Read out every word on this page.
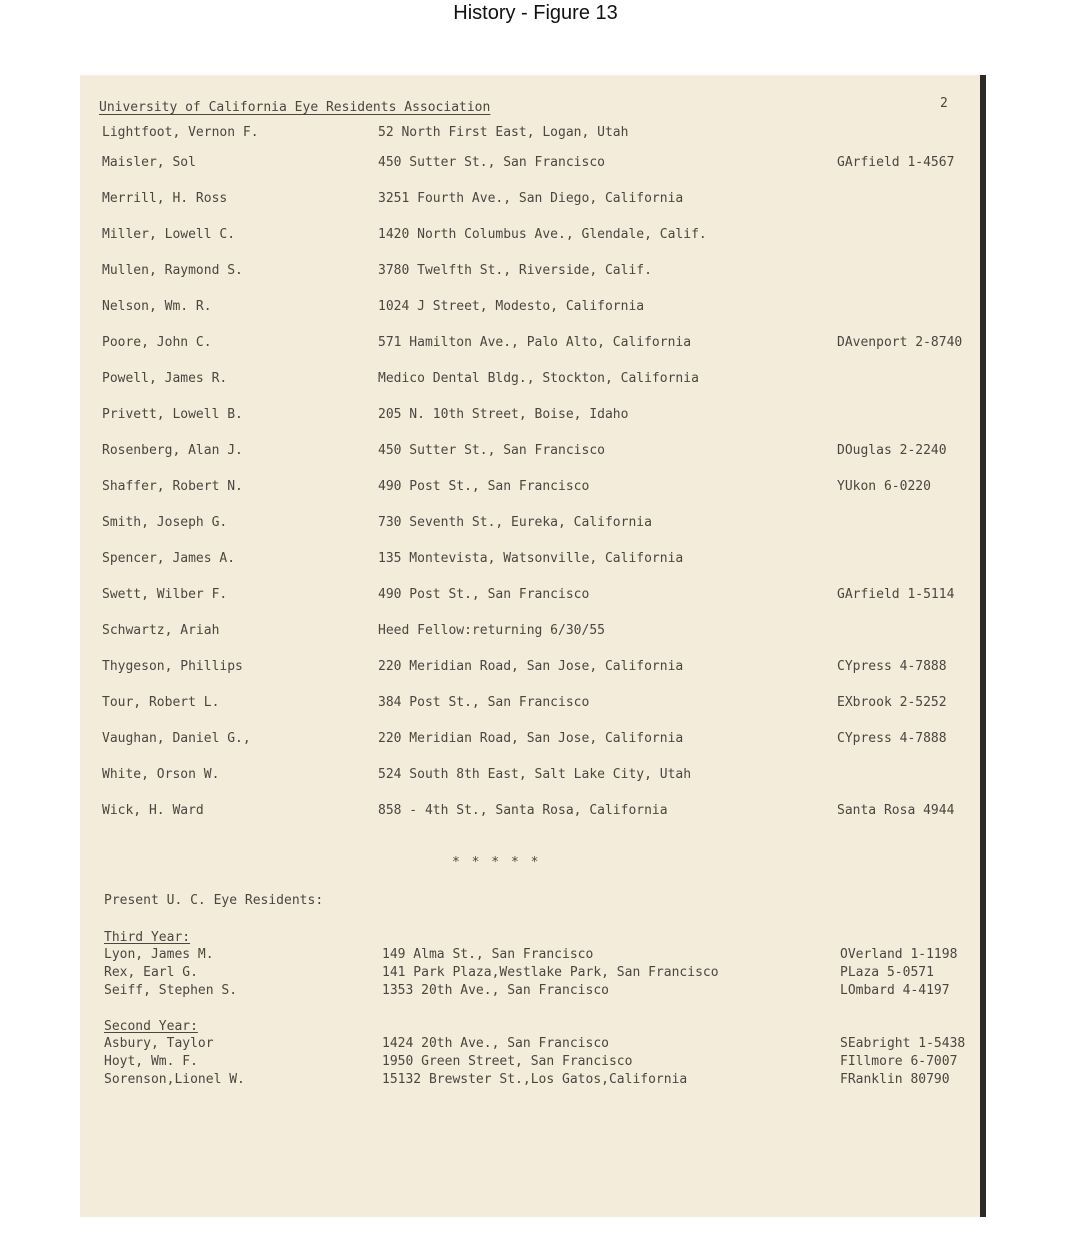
History - Figure 13
University of California Eye Residents Association	2
Lightfoot, Vernon F.	52 North First East, Logan, Utah
Maisler, Sol	450 Sutter St., San Francisco	GArfield 1-4567
Merrill, H. Ross	3251 Fourth Ave., San Diego, California
Miller, Lowell C.	1420 North Columbus Ave., Glendale, Calif.
Mullen, Raymond S.	3780 Twelfth St., Riverside, Calif.
Nelson, Wm. R.	1024 J Street, Modesto, California
Poore, John C.	571 Hamilton Ave., Palo Alto, California	DAvenport 2-8740
Powell, James R.	Medico Dental Bldg., Stockton, California
Privett, Lowell B.	205 N. 10th Street, Boise, Idaho
Rosenberg, Alan J.	450 Sutter St., San Francisco	DOuglas 2-2240
Shaffer, Robert N.	490 Post St., San Francisco	YUkon 6-0220
Smith, Joseph G.	730 Seventh St., Eureka, California
Spencer, James A.	135 Montevista, Watsonville, California
Swett, Wilber F.	490 Post St., San Francisco	GArfield 1-5114
Schwartz, Ariah	Heed Fellow:returning 6/30/55
Thygeson, Phillips	220 Meridian Road, San Jose, California	CYpress 4-7888
Tour, Robert L.	384 Post St., San Francisco	EXbrook 2-5252
Vaughan, Daniel G.,	220 Meridian Road, San Jose, California	CYpress 4-7888
White, Orson W.	524 South 8th East, Salt Lake City, Utah
Wick, H. Ward	858 - 4th St., Santa Rosa, California	Santa Rosa 4944
* * * * *
Present U. C. Eye Residents:
Third Year:
Lyon, James M.	149 Alma St., San Francisco	OVerland 1-1198
Rex, Earl G.	141 Park Plaza,Westlake Park, San Francisco	PLaza 5-0571
Seiff, Stephen S.	1353 20th Ave., San Francisco	LOmbard 4-4197
Second Year:
Asbury, Taylor	1424 20th Ave., San Francisco	SEabright 1-5438
Hoyt, Wm. F.	1950 Green Street, San Francisco	FIllmore 6-7007
Sorenson,Lionel W.	15132 Brewster St.,Los Gatos,California	FRanklin 80790
